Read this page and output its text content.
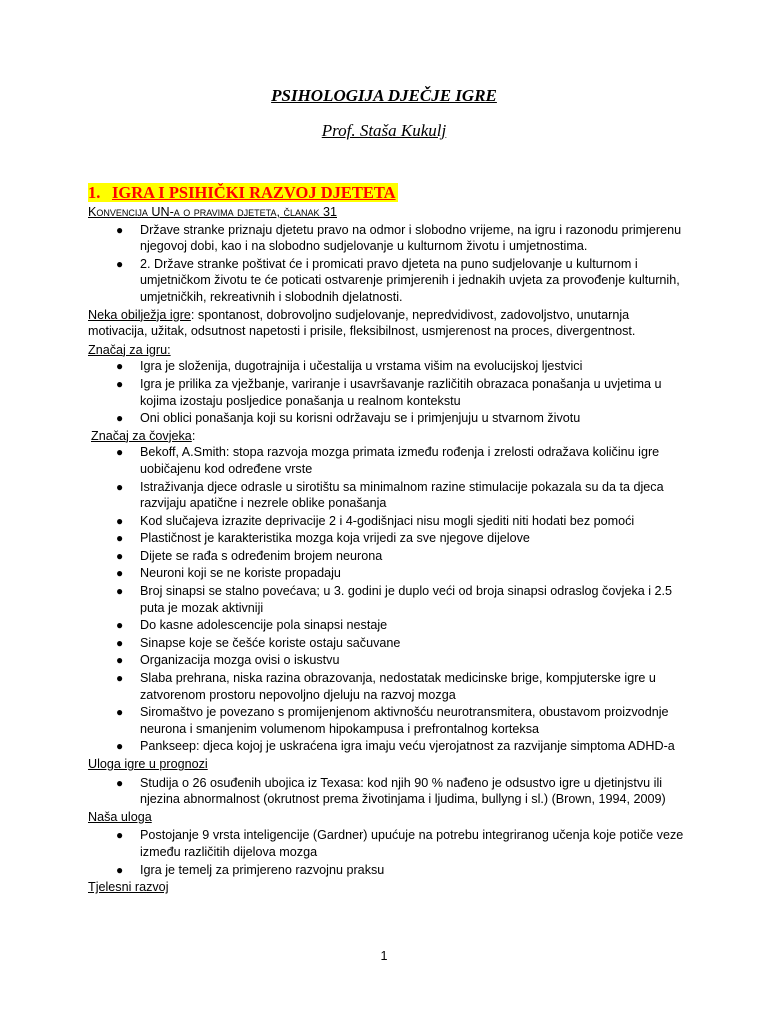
PSIHOLOGIJA DJEČJE IGRE
Prof. Staša Kukulj
1. IGRA I PSIHIČKI RAZVOJ DJETETA
Konvencija UN-a o pravima djeteta, članak 31
● Države stranke priznaju djetetu pravo na odmor i slobodno vrijeme, na igru i razonodu primjerenu njegovoj dobi, kao i na slobodno sudjelovanje u kulturnom životu i umjetnostima.
● 2. Države stranke poštivat će i promicati pravo djeteta na puno sudjelovanje u kulturnom i umjetničkom životu te će poticati ostvarenje primjerenih i jednakih uvjeta za provođenje kulturnih, umjetničkih, rekreativnih i slobodnih djelatnosti.

Neka obilježja igre: spontanost, dobrovoljno sudjelovanje, nepredvidivost, zadovoljstvo, unutarnja motivacija, užitak, odsutnost napetosti i prisile, fleksibilnost, usmjerenost na proces, divergentnost.

Značaj za igru:
● Igra je složenija, dugotrajnija i učestalija u vrstama višim na evolucijskoj ljestvici
● Igra je prilika za vježbanje, variranje i usavršavanje različitih obrazaca ponašanja u uvjetima u kojima izostaju posljedice ponašanja u realnom kontekstu
● Oni oblici ponašanja koji su korisni održavaju se i primjenjuju u stvarnom životu
Značaj za čovjeka:
● Bekoff, A.Smith: stopa razvoja mozga primata između rođenja i zrelosti odražava količinu igre uobičajenu kod određene vrste
● Istraživanja djece odrasle u sirotištu sa minimalnom razine stimulacije pokazala su da ta djeca razvijaju apatične i nezrele oblike ponašanja
● Kod slučajeva izrazite deprivacije 2 i 4-godišnjaci nisu mogli sjediti niti hodati bez pomoći
● Plastičnost je karakteristika mozga koja vrijedi za sve njegove dijelove
● Dijete se rađa s određenim brojem neurona
● Neuroni koji se ne koriste propadaju
● Broj sinapsi se stalno povećava; u 3. godini je duplo veći od broja sinapsi odraslog čovjeka i 2.5 puta je mozak aktivniji
● Do kasne adolescencije pola sinapsi nestaje
● Sinapse koje se češće koriste ostaju sačuvane
● Organizacija mozga ovisi o iskustvu
● Slaba prehrana, niska razina obrazovanja, nedostatak medicinske brige, kompjuterske igre u zatvorenom prostoru nepovoljno djeluju na razvoj mozga
● Siromaštvo je povezano s promijenjenom aktivnošću neurotransmitera, obustavom proizvodnje neurona i smanjenim volumenom hipokampusa i prefrontalnog korteksa
● Pankseep: djeca kojoj je uskraćena igra imaju veću vjerojatnost za razvijanje simptoma ADHD-a
Uloga igre u prognozi
● Studija o 26 osuđenih ubojica iz Texasa: kod njih 90 % nađeno je odsustvo igre u djetinjstvu ili njezina abnormalnost (okrutnost prema životinjama i ljudima, bullyng i sl.) (Brown, 1994, 2009)
Naša uloga
● Postojanje 9 vrsta inteligencije (Gardner) upućuje na potrebu integriranog učenja koje potiče veze između različitih dijelova mozga
● Igra je temelj za primjereno razvojnu praksu
Tjelesni razvoj
1
